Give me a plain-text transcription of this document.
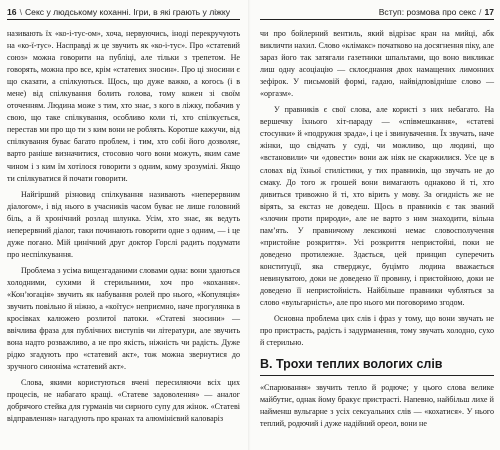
16 \ Секс у людському коханні. Ігри, в які грають у ліжку

називають їх «ко-і-тус-ом», хоча, нервуючись, іноді перекручують на «ко-ї-тус». Насправді ж це звучить як «ко-і-тус». Про «статевий союз» можна говорити на публіці, але тільки з трепетом. Не говорять, можна про все, крім «статевих зносин». Про ці зносини є що сказати, а спілкуються. Щось, що дуже важко, а когось (і в мене) від спілкування болить голова, тому кожен зі своїм оточенням. Людина може з тим, хто знає, з кого в ліжку, побачив у свою, що таке спілкування, особливо коли ті, хто спілкується, перестав ми про що ти з ким вони не роблять. Коротше кажучи, від спілкування буває багато проблем, і тим, хто собі його дозволяє, варто раніше визначитися, стосовно чого вони можуть, яким саме чином і з ким їм хотілося говорити з одним, кому зрозумілі. Якщо ти спілкуватися й почати говорити.

Найгірший різновид спілкування називають «неперервним діалогом», і від нього в учасників часом буває не лише головний біль, а й хронічний розлад шлунка. Усім, хто знає, як ведуть неперервний діалог, таки починають говорити одне з одним, — і це дуже погано. Мій цинічний друг доктор Горслі радить подумати про неспілкування.

Проблема з усіма вищезгаданими словами одна: вони здаються холодними, сухими й стерильними, хоч про «кохання». «Кон’югація» звучить як набування ролей про нього, «Копуляція» звучить повільно й ніжно, а «коїтус» неприємно, наче прогулянка в кросівках калюжею розлитої патоки. «Статеві зносини» — ввічлива фраза для публічних виступів чи літератури, але звучить вона надто розважливо, а не про якість, ніжність чи радість. Дуже рідко згадують про «статевий акт», тож можна звернутися до зручного синоніма «статевий акт».

Слова, якими користуються вчені пересиляючи всіх цих процесів, не набагато кращі. «Статеве задоволення» — аналог добрячого стейка для гурманів чи сирного супу для жінок. «Статеві відправлення» нагадують про кранах та алюмінієвий каловаріз

Вступ: розмова про секс / 17

чи про бойлерний вентиль, який відрізає кран на мийці, абк викличти нахил. Слово «клімакс» початково на досягнення піку, але зараз його так затягали газетники шпальтами, що воно викликає лиш одну асоціацію — склоєднання двох намащених лимонних зефірок. У письмовій формі, гадаю, найвідповідніше слово — «оргазм».

У правників є свої слова, але користі з них небагато. На вершечку їхнього хіт-параду — «співмешкання», «статеві стосунки» й «подружня зрада», і це і звинувачення. Їх звучать, наче жінки, що свідчать у суді, чи можливо, що людині, що «встановили» чи «довести» вони аж ніяк не скаржилися. Усе це в словах від їхньої стилістики, у тих правників, що звучать не до смаку. До того ж грошей вони вимагають однаково й ті, хто дивиться тривожно й ті, хто вірить у мову. За огидність же не вірять, за екстаз не доведеш. Щось в правників є так званий «злочин проти природи», але не варто з ним знаходити, вільна пам’ять. У правничому лексиконі немає словосполучення «пристойне розкриття». Усі розкриття непристойні, поки не доведено протилежне. Здається, цей принцип суперечить конституції, яка стверджує, буцімто людина вважається невинуватою, доки не доведено її провину, і пристойною, доки не доведено її непристойність. Найбільше правники чубляться за слово «вульгарність», але про нього ми поговоримо згодом.

Основна проблема цих слів і фраз у тому, що вони звучать не про пристрасть, радість і задурманення, тому звучать холодно, сухо й стерильно.

В. Трохи теплих вологих слів

«Спарювання» звучить тепло й родюче; у цього слова велике майбутнє, однак йому бракує пристрасті. Напевно, найбільш лихе й найменш вульгарне з усіх сексуальних слів — «кохатися». У нього теплий, родючий і дуже надійний ореол, вони не
